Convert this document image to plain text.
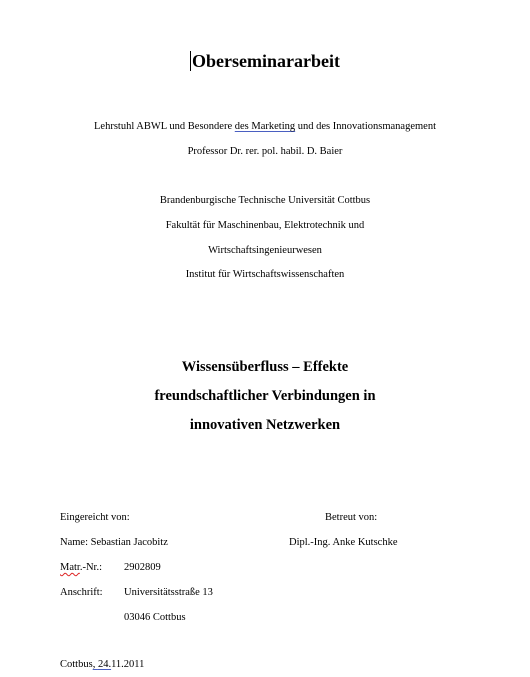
Oberseminararbeit
Lehrstuhl ABWL und Besondere des Marketing und des Innovationsmanagement
Professor Dr. rer. pol. habil. D. Baier
Brandenburgische Technische Universität Cottbus
Fakultät für Maschinenbau, Elektrotechnik und
Wirtschaftsingenieurwesen
Institut für Wirtschaftswissenschaften
Wissensüberfluss – Effekte
freundschaftlicher Verbindungen in
innovativen Netzwerken
Eingereicht von:	Betreut von:
Name: Sebastian Jacobitz	Dipl.-Ing. Anke Kutschke
Matr.-Nr.: 2902809
Anschrift: Universitätsstraße 13
03046 Cottbus
Cottbus, 24.11.2011
